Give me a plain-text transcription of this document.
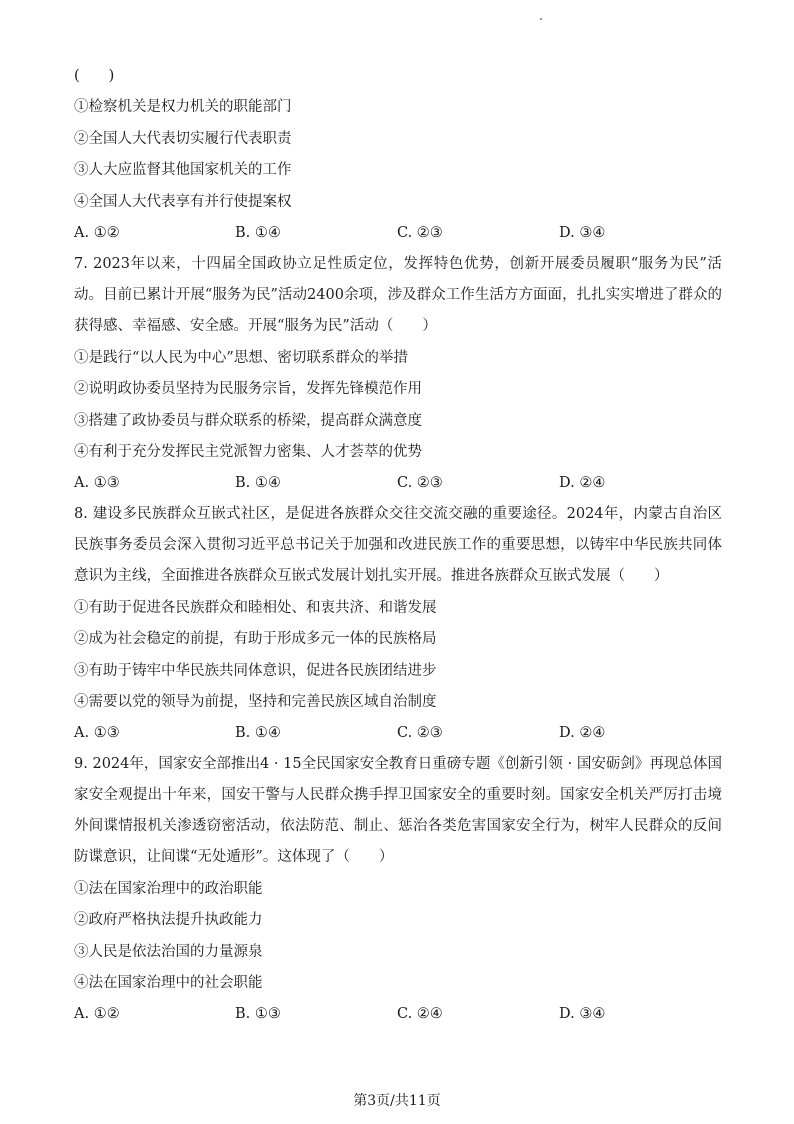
(　　)
①检察机关是权力机关的职能部门
②全国人大代表切实履行代表职责
③人大应监督其他国家机关的工作
④全国人大代表享有并行使提案权
A. ①②	B. ①④	C. ②③	D. ③④
7. 2023年以来，十四届全国政协立足性质定位，发挥特色优势，创新开展委员履职“服务为民”活动。目前已累计开展“服务为民”活动2400余项，涉及群众工作生活方方面面，扎扎实实增进了群众的获得感、幸福感、安全感。开展“服务为民”活动（　　）
①是践行“以人民为中心”思想、密切联系群众的举措
②说明政协委员坚持为民服务宗旨，发挥先锋模范作用
③搭建了政协委员与群众联系的桥梁，提高群众满意度
④有利于充分发挥民主党派智力密集、人才荟萃的优势
A. ①③	B. ①④	C. ②③	D. ②④
8. 建设多民族群众互嵌式社区，是促进各族群众交往交流交融的重要途径。2024年，内蒙古自治区民族事务委员会深入贯彻习近平总书记关于加强和改进民族工作的重要思想，以铸牢中华民族共同体意识为主线，全面推进各族群众互嵌式发展计划扎实开展。推进各族群众互嵌式发展（　　）
①有助于促进各民族群众和睦相处、和衷共济、和谐发展
②成为社会稳定的前提，有助于形成多元一体的民族格局
③有助于铸牢中华民族共同体意识，促进各民族团结进步
④需要以党的领导为前提，坚持和完善民族区域自治制度
A. ①③	B. ①④	C. ②③	D. ②④
9. 2024年，国家安全部推出4 · 15全民国家安全教育日重磅专题《创新引领 · 国安砺剑》再现总体国家安全观提出十年来，国安干警与人民群众携手捍卫国家安全的重要时刻。国家安全机关严厉打击境外间谍情报机关渗透窃密活动，依法防范、制止、惩治各类危害国家安全行为，树牢人民群众的反间防谍意识，让间谍“无处遁形”。这体现了（　　）
①法在国家治理中的政治职能
②政府严格执法提升执政能力
③人民是依法治国的力量源泉
④法在国家治理中的社会职能
A. ①②	B. ①③	C. ②④	D. ③④
第3页/共11页
